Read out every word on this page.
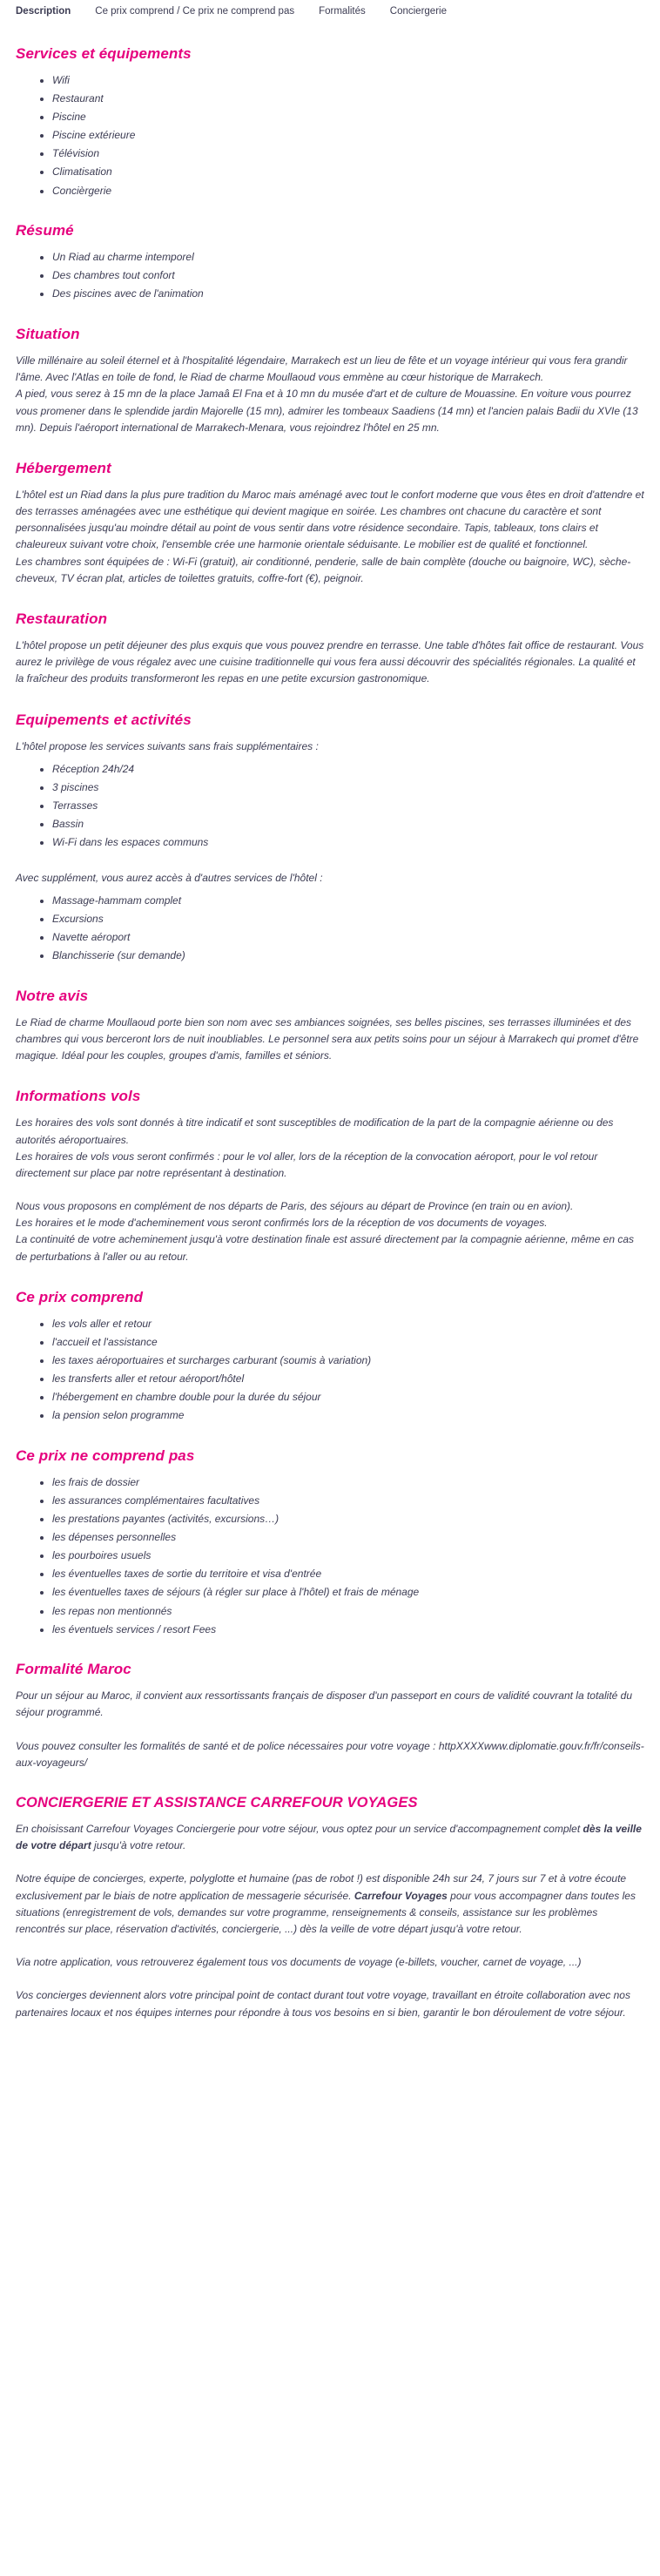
Description Ce prix comprend / Ce prix ne comprend pas Formalités Conciergerie
Services et équipements
• Wifi
• Restaurant
• Piscine
• Piscine extérieure
• Télévision
• Climatisation
• Concièrgerie
Résumé
• Un Riad au charme intemporel
• Des chambres tout confort
• Des piscines avec de l'animation
Situation

Ville millénaire au soleil éternel et à l'hospitalité légendaire, Marrakech est un lieu de fête et un voyage intérieur qui vous fera grandir l'âme. Avec l'Atlas en toile de fond, le Riad de charme Moullaoud vous emmène au cœur historique de Marrakech.

A pied, vous serez à 15 mn de la place Jamaâ El Fna et à 10 mn du musée d'art et de culture de Mouassine. En voiture vous pourrez vous promener dans le splendide jardin Majorelle (15 mn), admirer les tombeaux Saadiens (14 mn) et l'ancien palais Badii du XVIe (13 mn). Depuis l'aéroport international de Marrakech-Menara, vous rejoindrez l'hôtel en 25 mn.

Hébergement

L'hôtel est un Riad dans la plus pure tradition du Maroc mais aménagé avec tout le confort moderne que vous êtes en droit d'attendre et des terrasses aménagées avec une esthétique qui devient magique en soirée. Les chambres ont chacune du caractère et sont personnalisées jusqu'au moindre détail au point de vous sentir dans votre résidence secondaire. Tapis, tableaux, tons clairs et chaleureux suivant votre choix, l'ensemble crée une harmonie orientale séduisante. Le mobilier est de qualité et fonctionnel.

Les chambres sont équipées de : Wi-Fi (gratuit), air conditionné, penderie, salle de bain complète (douche ou baignoire, WC), sèche-cheveux, TV écran plat, articles de toilettes gratuits, coffre-fort (€), peignoir.

Restauration

L'hôtel propose un petit déjeuner des plus exquis que vous pouvez prendre en terrasse. Une table d'hôtes fait office de restaurant. Vous aurez le privilège de vous régalez avec une cuisine traditionnelle qui vous fera aussi découvrir des spécialités régionales. La qualité et la fraîcheur des produits transformeront les repas en une petite excursion gastronomique.

Equipements et activités

L'hôtel propose les services suivants sans frais supplémentaires :

• Réception 24h/24
• 3 piscines
• Terrasses
• Bassin
• Wi-Fi dans les espaces communs

Avec supplément, vous aurez accès à d'autres services de l'hôtel :

• Massage-hammam complet
• Excursions
• Navette aéroport
• Blanchisserie (sur demande)
Notre avis

Le Riad de charme Moullaoud porte bien son nom avec ses ambiances soignées, ses belles piscines, ses terrasses illuminées et des chambres qui vous berceront lors de nuit inoubliables. Le personnel sera aux petits soins pour un séjour à Marrakech qui promet d'être magique. Idéal pour les couples, groupes d'amis, familles et séniors.

Informations vols

Les horaires des vols sont donnés à titre indicatif et sont susceptibles de modification de la part de la compagnie aérienne ou des autorités aéroportuaires.

Les horaires de vols vous seront confirmés : pour le vol aller, lors de la réception de la convocation aéroport, pour le vol retour directement sur place par notre représentant à destination.

Nous vous proposons en complément de nos départs de Paris, des séjours au départ de Province (en train ou en avion).

Les horaires et le mode d'acheminement vous seront confirmés lors de la réception de vos documents de voyages.

La continuité de votre acheminement jusqu'à votre destination finale est assuré directement par la compagnie aérienne, même en cas de perturbations à l'aller ou au retour.

Ce prix comprend
• les vols aller et retour
• l'accueil et l'assistance
• les taxes aéroportuaires et surcharges carburant (soumis à variation)
• les transferts aller et retour aéroport/hôtel
• l'hébergement en chambre double pour la durée du séjour
• la pension selon programme
Ce prix ne comprend pas
• les frais de dossier
• les assurances complémentaires facultatives
• les prestations payantes (activités, excursions…)
• les dépenses personnelles
• les pourboires usuels
• les éventuelles taxes de sortie du territoire et visa d'entrée
• les éventuelles taxes de séjours (à régler sur place à l'hôtel) et frais de ménage
• les repas non mentionnés
• les éventuels services / resort Fees
Formalité Maroc

Pour un séjour au Maroc, il convient aux ressortissants français de disposer d'un passeport en cours de validité couvrant la totalité du séjour programmé.

Vous pouvez consulter les formalités de santé et de police nécessaires pour votre voyage : httpXXXXwww.diplomatie.gouv.fr/fr/conseils-aux-voyageurs/

CONCIERGERIE ET ASSISTANCE CARREFOUR VOYAGES

En choisissant Carrefour Voyages Conciergerie pour votre séjour, vous optez pour un service d'accompagnement complet dès la veille de votre départ jusqu'à votre retour.

Notre équipe de concierges, experte, polyglotte et humaine (pas de robot !) est disponible 24h sur 24, 7 jours sur 7 et à votre écoute exclusivement par le biais de notre application de messagerie sécurisée. Carrefour Voyages pour vous accompagner dans toutes les situations (enregistrement de vols, demandes sur votre programme, renseignements & conseils, assistance sur les problèmes rencontrés sur place, réservation d'activités, conciergerie, ...) dès la veille de votre départ jusqu'à votre retour.

Via notre application, vous retrouverez également tous vos documents de voyage (e-billets, voucher, carnet de voyage, ...)

Vos concierges deviennent alors votre principal point de contact durant tout votre voyage, travaillant en étroite collaboration avec nos partenaires locaux et nos équipes internes pour répondre à tous vos besoins en si bien, garantir le bon déroulement de votre séjour.
